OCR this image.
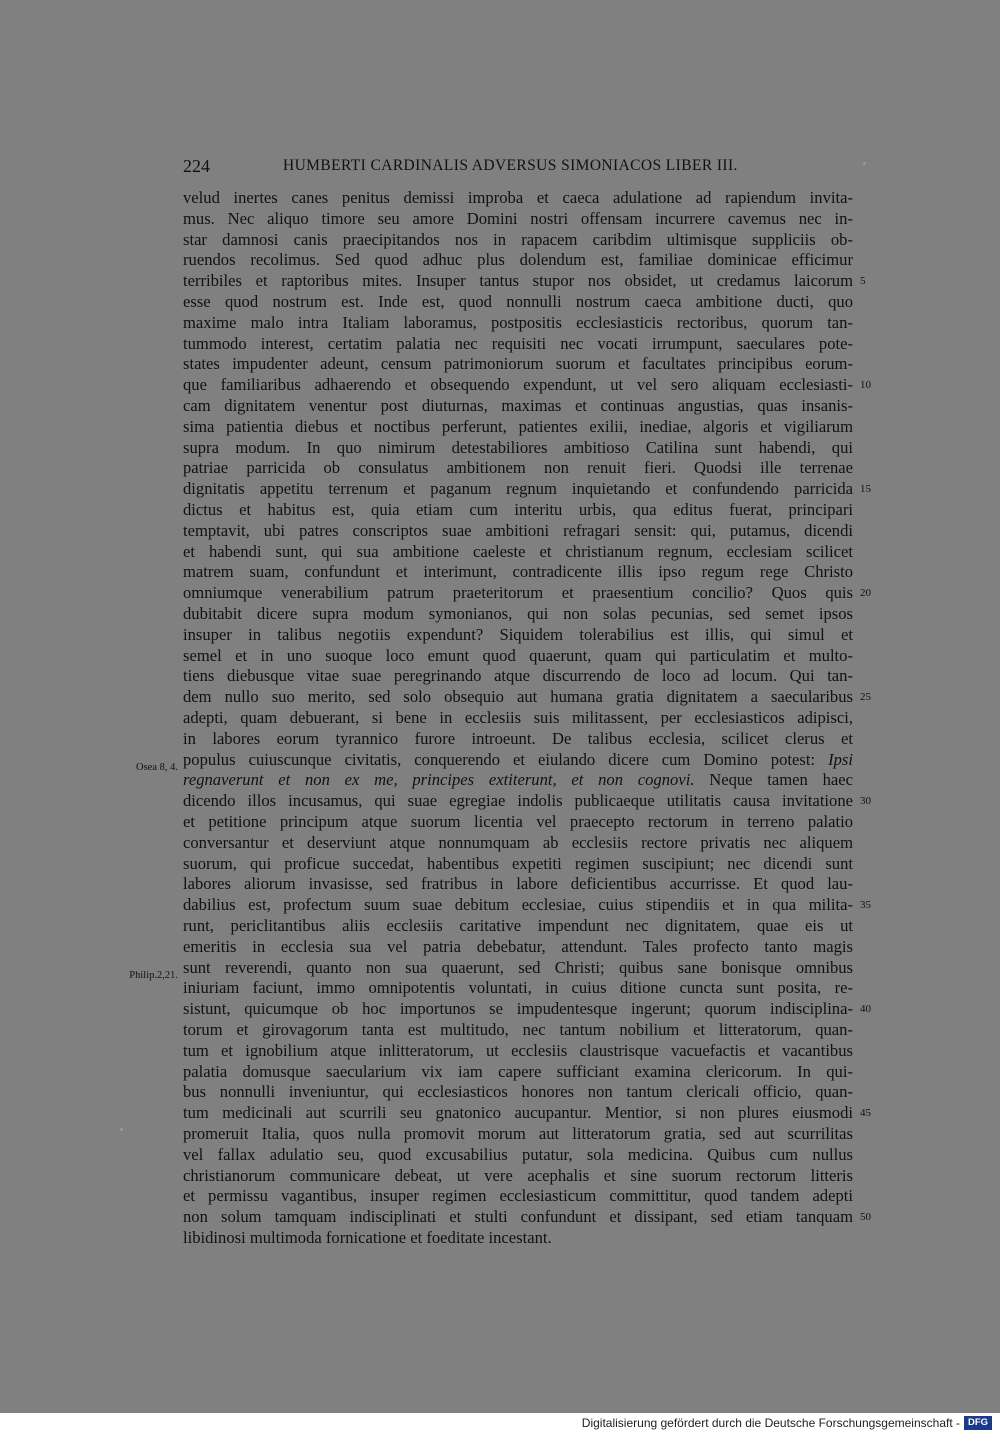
224	HUMBERTI CARDINALIS ADVERSUS SIMONIACOS LIBER III.
velud inertes canes penitus demissi improba et caeca adulatione ad rapiendum invita-
mus. Nec aliquo timore seu amore Domini nostri offensam incurrere cavemus nec in-
star damnosi canis praecipitandos nos in rapacem caribdim ultimisque suppliciis ob-
ruendos recolimus. Sed quod adhuc plus dolendum est, familiae dominicae efficimur
terribiles et raptoribus mites. Insuper tantus stupor nos obsidet, ut credamus laicorum
esse quod nostrum est. Inde est, quod nonnulli nostrum caeca ambitione ducti, quo
maxime malo intra Italiam laboramus, postpositis ecclesiasticis rectoribus, quorum tan-
tummodo interest, certatim palatia nec requisiti nec vocati irrumpunt, saeculares pote-
states impudenter adeunt, censum patrimoniorum suorum et facultates principibus eorum-
que familiaribus adhaerendo et obsequendo expendunt, ut vel sero aliquam ecclesiasti-
cam dignitatem venentur post diuturnas, maximas et continuas angustias, quas insanis-
sima patientia diebus et noctibus perferunt, patientes exilii, inediae, algoris et vigiliarum
supra modum. In quo nimirum detestabiliores ambitioso Catilina sunt habendi, qui
patriae parricida ob consulatus ambitionem non renuit fieri. Quodsi ille terrenae
dignitatis appetitu terrenum et paganum regnum inquietando et confundendo parricida
dictus et habitus est, quia etiam cum interitu urbis, qua editus fuerat, principari
temptavit, ubi patres conscriptos suae ambitioni refragari sensit: qui, putamus, dicendi
et habendi sunt, qui sua ambitione caeleste et christianum regnum, ecclesiam scilicet
matrem suam, confundunt et interimunt, contradicente illis ipso regum rege Christo
omniumque venerabilium patrum praeteritorum et praesentium concilio? Quos quis
dubitabit dicere supra modum symonianos, qui non solas pecunias, sed semet ipsos
insuper in talibus negotiis expendunt? Siquidem tolerabilius est illis, qui simul et
semel et in uno suoque loco emunt quod quaerunt, quam qui particulatim et multo-
tiens diebusque vitae suae peregrinando atque discurrendo de loco ad locum. Qui tan-
dem nullo suo merito, sed solo obsequio aut humana gratia dignitatem a saecularibus
adepti, quam debuerant, si bene in ecclesiis suis militassent, per ecclesiasticos adipisci,
in labores eorum tyrannico furore introeunt. De talibus ecclesia, scilicet clerus et
populus cuiuscunque civitatis, conquerendo et eiulando dicere cum Domino potest: Ipsi
regnaverunt et non ex me, principes extiterunt, et non cognovi. Neque tamen haec
dicendo illos incusamus, qui suae egregiae indolis publicaeque utilitatis causa invitatione
et petitione principum atque suorum licentia vel praecepto rectorum in terreno palatio
conversantur et deserviunt atque nonnumquam ab ecclesiis rectore privatis nec aliquem
suorum, qui proficue succedat, habentibus expetiti regimen suscipiunt; nec dicendi sunt
labores aliorum invasisse, sed fratribus in labore deficientibus accurrisse. Et quod lau-
dabilius est, profectum suum suae debitum ecclesiae, cuius stipendiis et in qua milita-
runt, periclitantibus aliis ecclesiis caritative impendunt nec dignitatem, quae eis ut
emeritis in ecclesia sua vel patria debebatur, attendunt. Tales profecto tanto magis
sunt reverendi, quanto non sua quaerunt, sed Christi; quibus sane bonisque omnibus
iniuriam faciunt, immo omnipotentis voluntati, in cuius ditione cuncta sunt posita, re-
sistunt, quicumque ob hoc importunos se impudentesque ingerunt; quorum indisciplina-
torum et girovagorum tanta est multitudo, nec tantum nobilium et litteratorum, quan-
tum et ignobilium atque inlitteratorum, ut ecclesiis claustrisque vacuefactis et vacantibus
palatia domusque saecularium vix iam capere sufficiant examina clericorum. In qui-
bus nonnulli inveniuntur, qui ecclesiasticos honores non tantum clericali officio, quan-
tum medicinali aut scurrili seu gnatonico aucupantur. Mentior, si non plures eiusmodi
promeruit Italia, quos nulla promovit morum aut litteratorum gratia, sed aut scurrilitas
vel fallax adulatio seu, quod excusabilius putatur, sola medicina. Quibus cum nullus
christianorum communicare debeat, ut vere acephalis et sine suorum rectorum litteris
et permissu vagantibus, insuper regimen ecclesiasticum committitur, quod tandem adepti
non solum tamquam indisciplinati et stulti confundunt et dissipant, sed etiam tanquam
libidinosi multimoda fornicatione et foeditate incestant.
5
10
15
20
25
30
35
40
45
50
Osea 8, 4.
Philip.2,21.
Digitalisierung gefördert durch die Deutsche Forschungsgemeinschaft - DFG
